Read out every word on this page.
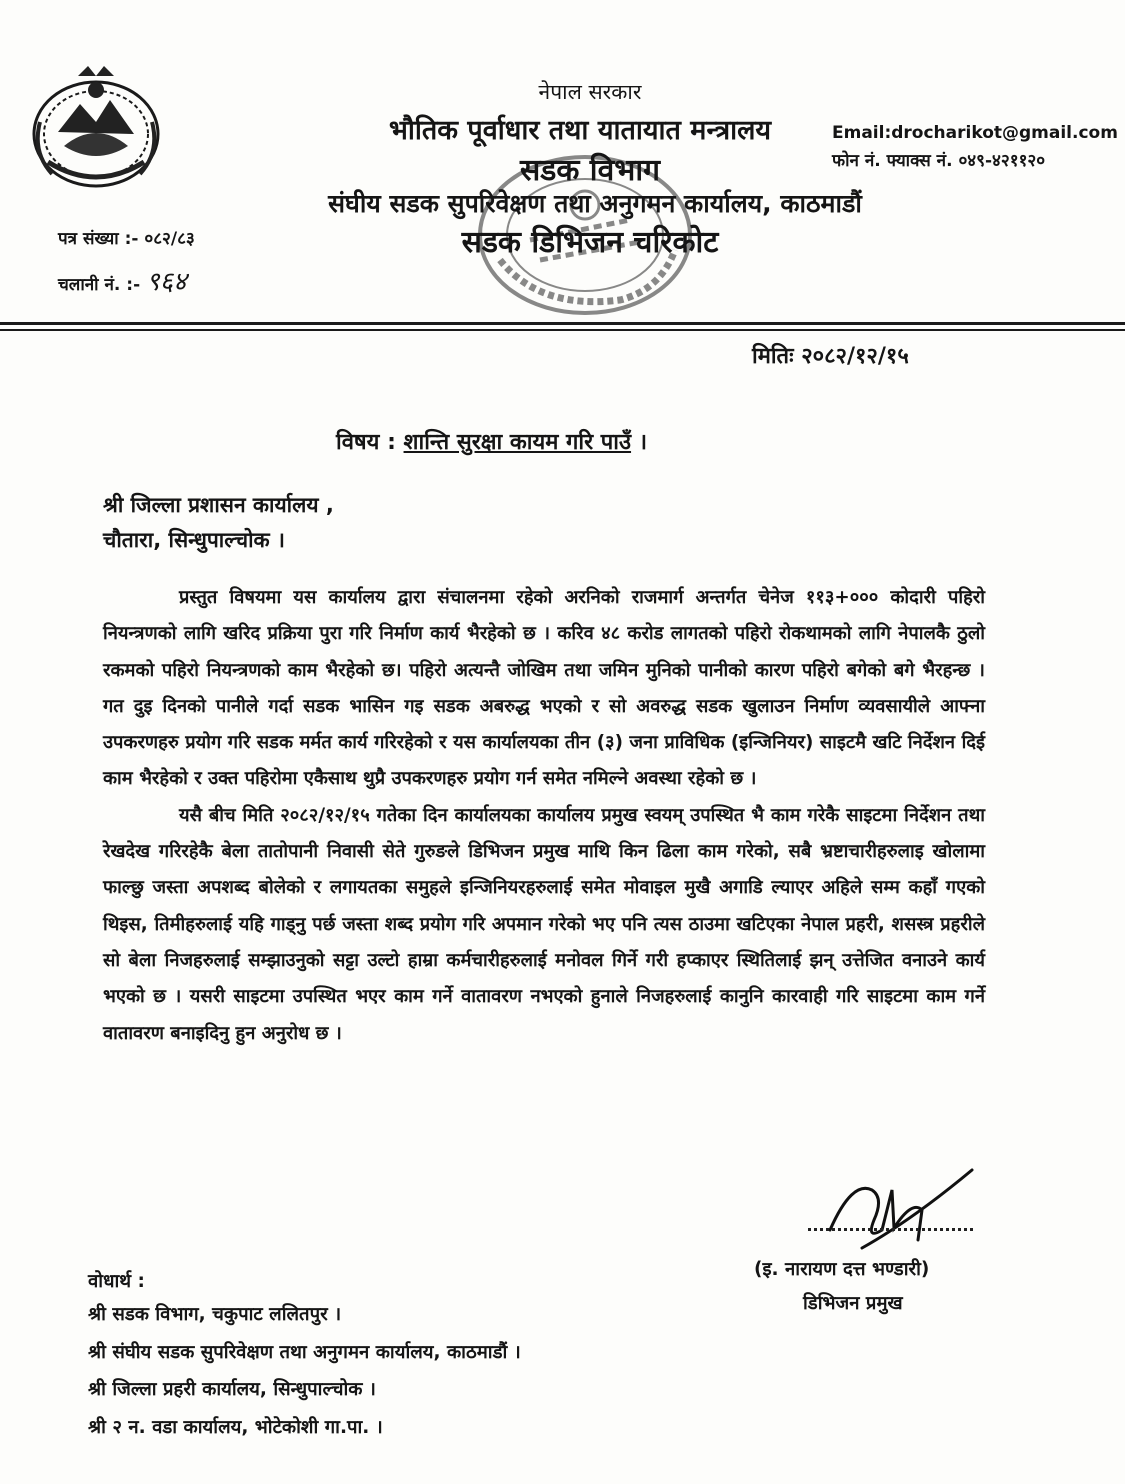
नेपाल सरकार
भौतिक पूर्वाधार तथा यातायात मन्त्रालय
सडक विभाग
संघीय सडक सुपरिवेक्षण तथा अनुगमन कार्यालय, काठमाडौं
सडक डिभिजन चरिकोट
Email:drocharikot@gmail.com
फोन नं. फ्याक्स नं. ०४९-४२११२०
पत्र संख्या :- ०८२/८३
चलानी नं. :- ९६४
मितिः २०८२/१२/१५
विषय : शान्ति सुरक्षा कायम गरि पाउँ ।
श्री जिल्ला प्रशासन कार्यालय ,
चौतारा, सिन्धुपाल्चोक ।

प्रस्तुत विषयमा यस कार्यालय द्वारा संचालनमा रहेको अरनिको राजमार्ग अन्तर्गत चेनेज ११३+००० कोदारी पहिरो नियन्त्रणको लागि खरिद प्रक्रिया पुरा गरि निर्माण कार्य भैरहेको छ । करिव ४८ करोड लागतको पहिरो रोकथामको लागि नेपालकै ठुलो रकमको पहिरो नियन्त्रणको काम भैरहेको छ। पहिरो अत्यन्तै जोखिम तथा जमिन मुनिको पानीको कारण पहिरो बगेको बगे भैरहन्छ । गत दुइ दिनको पानीले गर्दा सडक भासिन गइ सडक अबरुद्ध भएको र सो अवरुद्ध सडक खुलाउन निर्माण व्यवसायीले आफ्ना उपकरणहरु प्रयोग गरि सडक मर्मत कार्य गरिरहेको र यस कार्यालयका तीन (३) जना प्राविधिक (इन्जिनियर) साइटमै खटि निर्देशन दिई काम भैरहेको र उक्त पहिरोमा एकैसाथ थुप्रै उपकरणहरु प्रयोग गर्न समेत नमिल्ने अवस्था रहेको छ ।

यसै बीच मिति २०८२/१२/१५ गतेका दिन कार्यालयका कार्यालय प्रमुख स्वयम् उपस्थित भै काम गरेकै साइटमा निर्देशन तथा रेखदेख गरिरहेकै बेला तातोपानी निवासी सेते गुरुङले डिभिजन प्रमुख माथि किन ढिला काम गरेको, सबै भ्रष्टाचारीहरुलाइ खोलामा फाल्छु जस्ता अपशब्द बोलेको र लगायतका समुहले इन्जिनियरहरुलाई समेत मोवाइल मुखै अगाडि ल्याएर अहिले सम्म कहाँ गएको थिइस, तिमीहरुलाई यहि गाड्नु पर्छ जस्ता शब्द प्रयोग गरि अपमान गरेको भए पनि त्यस ठाउमा खटिएका नेपाल प्रहरी, शसस्त्र प्रहरीले सो बेला निजहरुलाई सम्झाउनुको सट्टा उल्टो हाम्रा कर्मचारीहरुलाई मनोवल गिर्ने गरी हप्काएर स्थितिलाई झन् उत्तेजित वनाउने कार्य भएको छ । यसरी साइटमा उपस्थित भएर काम गर्ने वातावरण नभएको हुनाले निजहरुलाई कानुनि कारवाही गरि साइटमा काम गर्ने वातावरण बनाइदिनु हुन अनुरोध छ ।

(इ. नारायण दत्त भण्डारी)
डिभिजन प्रमुख
वोधार्थ :
श्री सडक विभाग, चकुपाट ललितपुर ।
श्री संघीय सडक सुपरिवेक्षण तथा अनुगमन कार्यालय, काठमाडौं ।
श्री जिल्ला प्रहरी कार्यालय, सिन्धुपाल्चोक ।
श्री २ न. वडा कार्यालय, भोटेकोशी गा.पा. ।
